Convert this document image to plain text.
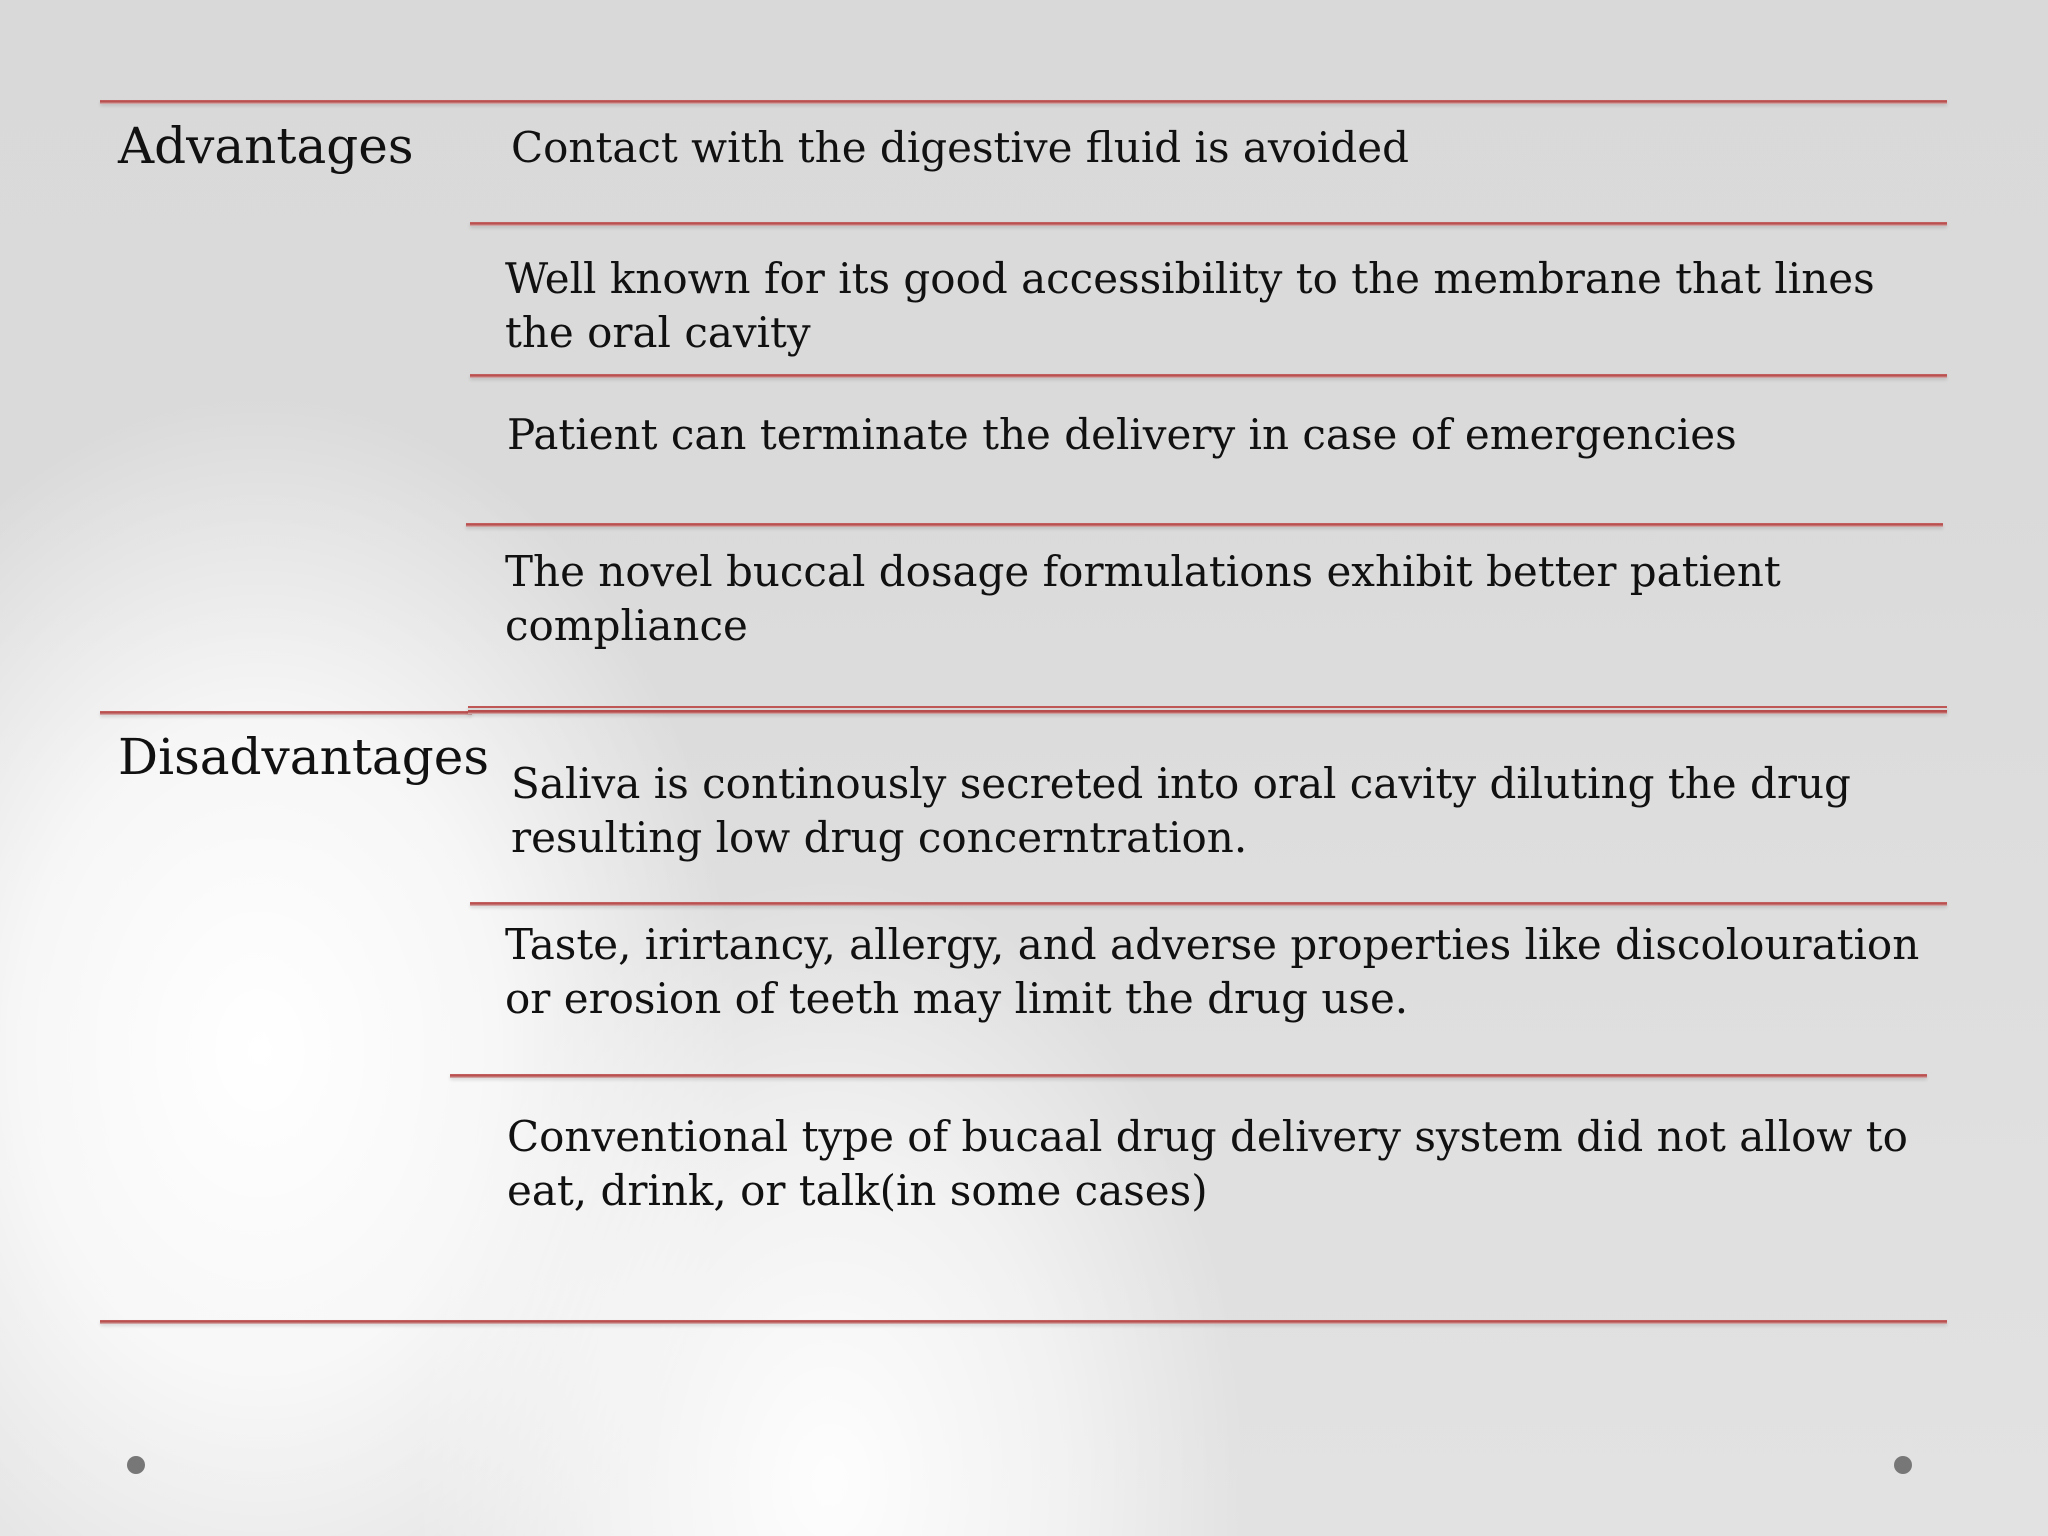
Advantages Contact with the digestive fluid is avoided

Well known for its good accessibility to the membrane that lines the oral cavity

Patient can terminate the delivery in case of emergencies

The novel buccal dosage formulations exhibit better patient compliance

Disadvantages Saliva is continously secreted into oral cavity diluting the drug resulting low drug concerntration.

Taste, irirtancy, allergy, and adverse properties like discolouration or erosion of teeth may limit the drug use.

Conventional type of bucaal drug delivery system did not allow to eat, drink, or talk(in some cases)
